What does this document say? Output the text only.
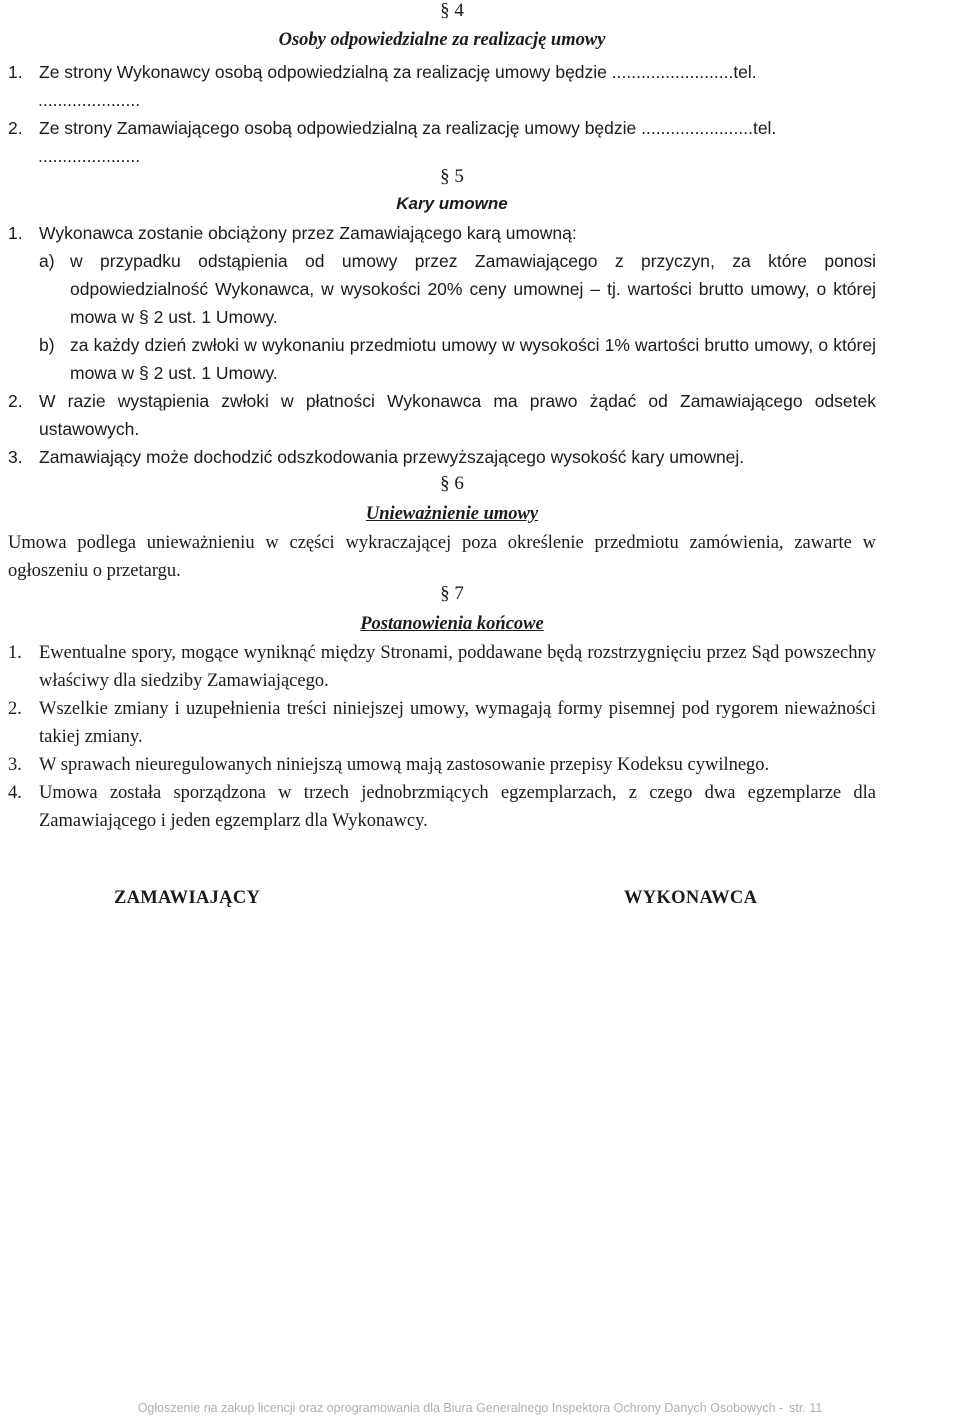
§ 4
Osoby odpowiedzialne za realizację umowy
1. Ze strony Wykonawcy osobą odpowiedzialną za realizację umowy będzie .........................tel.
.....................
2. Ze strony Zamawiającego osobą odpowiedzialną za realizację umowy będzie .......................tel.
.....................
§ 5
Kary umowne
1. Wykonawca zostanie obciążony przez Zamawiającego karą umowną:
a) w przypadku odstąpienia od umowy przez Zamawiającego z przyczyn, za które ponosi odpowiedzialność Wykonawca, w wysokości 20% ceny umownej – tj. wartości brutto umowy, o której mowa w § 2 ust. 1 Umowy.
b) za każdy dzień zwłoki w wykonaniu przedmiotu umowy w wysokości 1% wartości brutto umowy, o której mowa w § 2 ust. 1 Umowy.
2. W razie wystąpienia zwłoki w płatności Wykonawca ma prawo żądać od Zamawiającego odsetek ustawowych.
3. Zamawiający może dochodzić odszkodowania przewyższającego wysokość kary umownej.
§ 6
Unieważnienie umowy
Umowa podlega unieważnieniu w części wykraczającej poza określenie przedmiotu zamówienia, zawarte w ogłoszeniu o przetargu.
§ 7
Postanowienia końcowe
1. Ewentualne spory, mogące wyniknąć między Stronami, poddawane będą rozstrzygnięciu przez Sąd powszechny właściwy dla siedziby Zamawiającego.
2. Wszelkie zmiany i uzupełnienia treści niniejszej umowy, wymagają formy pisemnej pod rygorem nieważności takiej zmiany.
3. W sprawach nieuregulowanych niniejszą umową mają zastosowanie przepisy Kodeksu cywilnego.
4. Umowa została sporządzona w trzech jednobrzmiących egzemplarzach, z czego dwa egzemplarze dla Zamawiającego i jeden egzemplarz dla Wykonawcy.
ZAMAWIAJĄCY	WYKONAWCA
Ogłoszenie na zakup licencji oraz oprogramowania dla Biura Generalnego Inspektora Ochrony Danych Osobowych - str. 11
